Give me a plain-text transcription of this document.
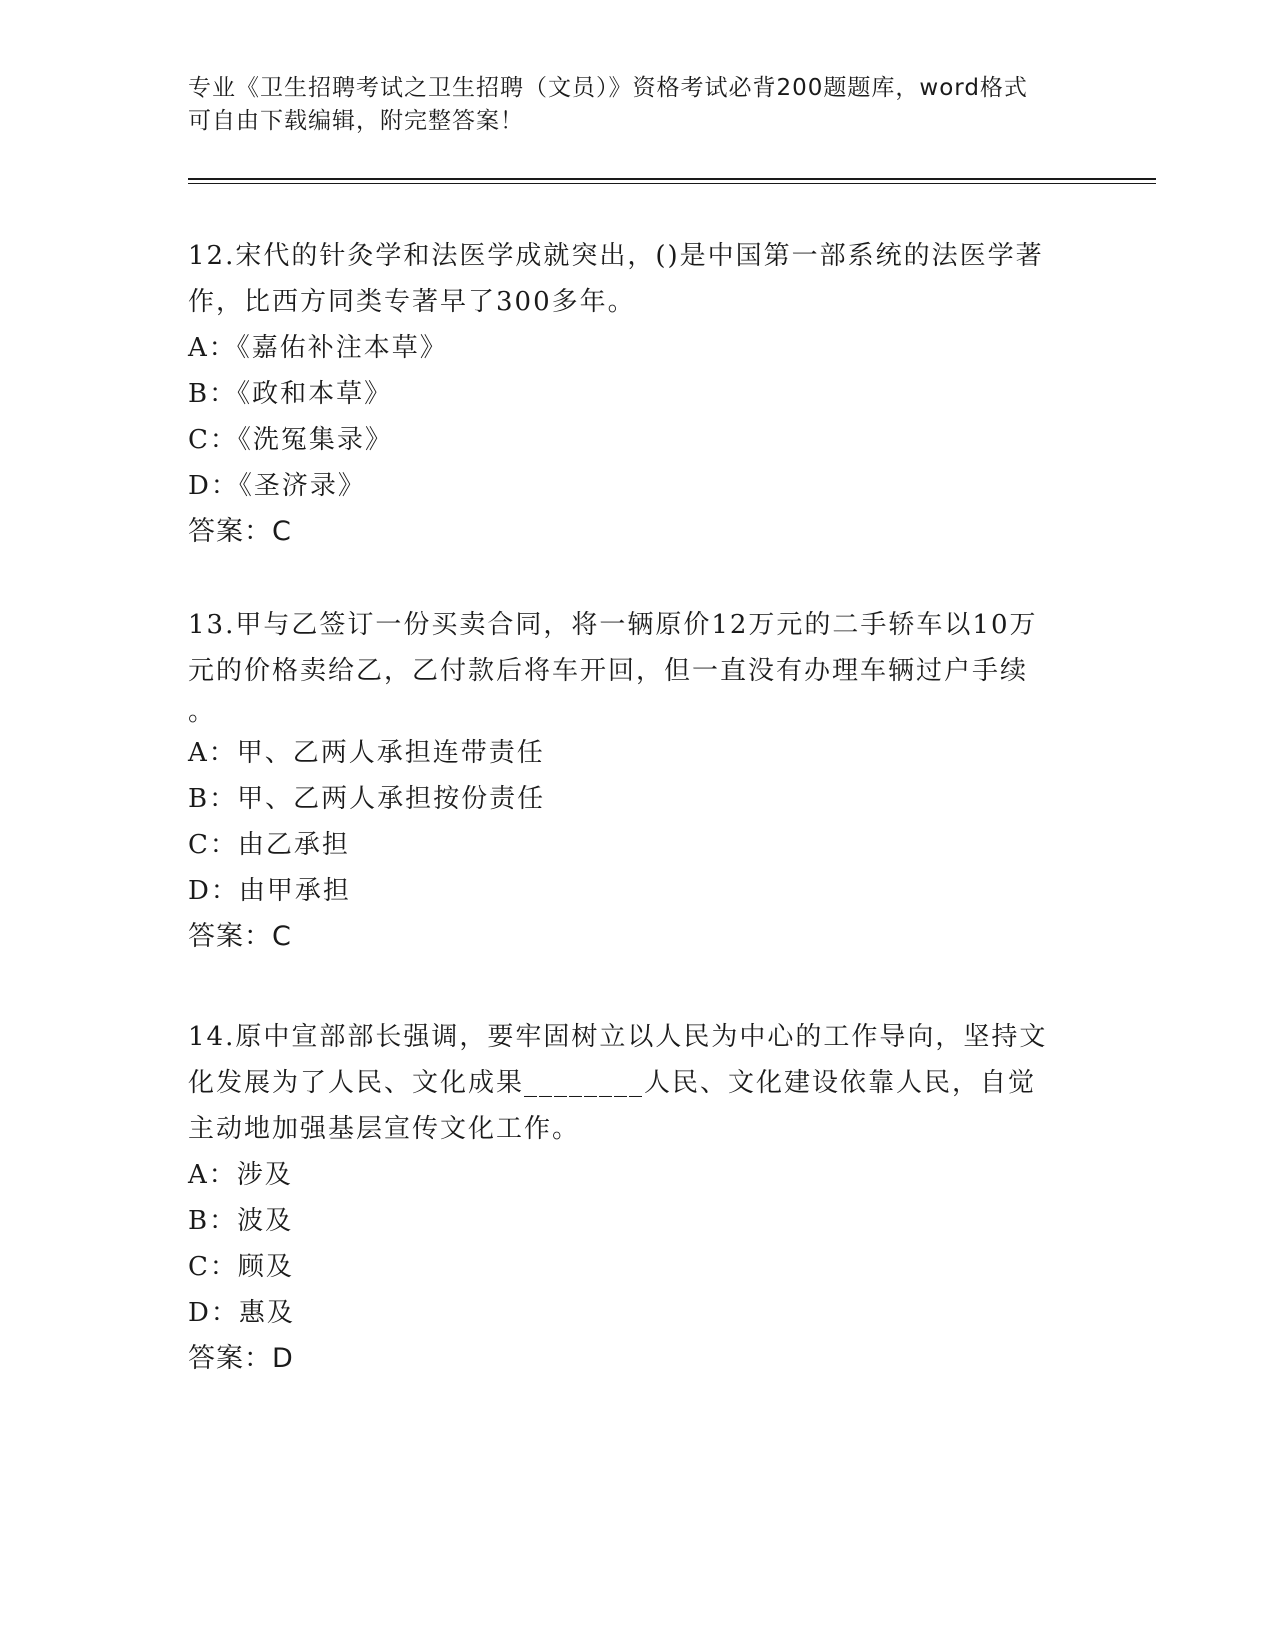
专业《卫生招聘考试之卫生招聘（文员）》资格考试必背200题题库，word格式
可自由下载编辑，附完整答案！

12.宋代的针灸学和法医学成就突出，()是中国第一部系统的法医学著

作，比西方同类专著早了300多年。

A：《嘉佑补注本草》

B：《政和本草》

C：《洗冤集录》

D：《圣济录》

答案：C

13.甲与乙签订一份买卖合同，将一辆原价12万元的二手轿车以10万

元的价格卖给乙，乙付款后将车开回，但一直没有办理车辆过户手续

。

A：甲、乙两人承担连带责任

B：甲、乙两人承担按份责任

C：由乙承担

D：由甲承担

答案：C

14.原中宣部部长强调，要牢固树立以人民为中心的工作导向，坚持文

化发展为了人民、文化成果________人民、文化建设依靠人民，自觉

主动地加强基层宣传文化工作。

A：涉及

B：波及

C：顾及

D：惠及

答案：D
